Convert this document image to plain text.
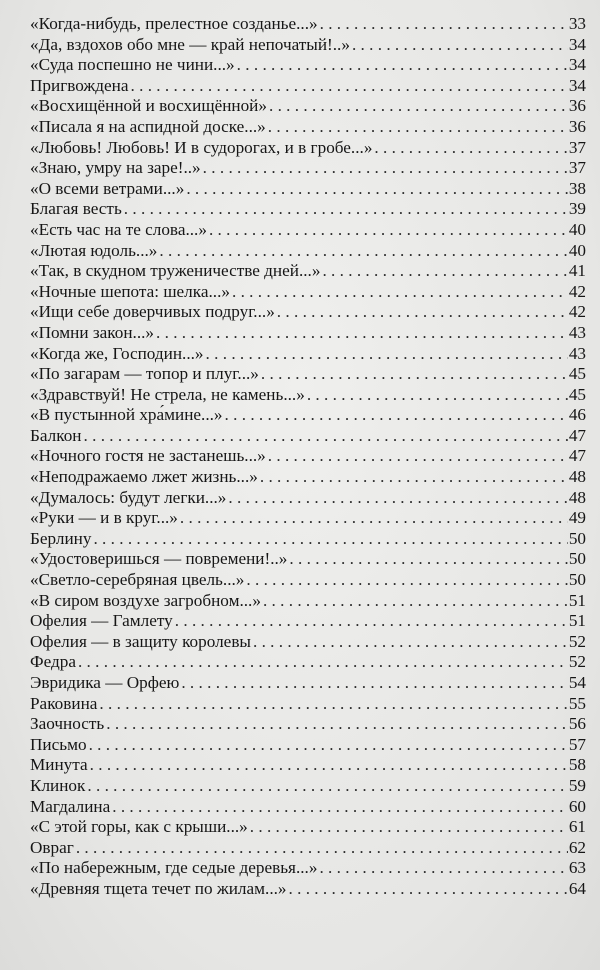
«Когда-нибудь, прелестное созданье...» . . .	33
«Да, вздохов обо мне — край непочатый!..» . . .	34
«Суда поспешно не чини...» . . .	34
Пригвождена . . .	34
«Восхищённой и восхищённой» . . .	36
«Писала я на аспидной доске...» . . .	36
«Любовь! Любовь! И в судорогах, и в гробе...» . . .	37
«Знаю, умру на заре!..» . . .	37
«О всеми ветрами...» . . .	38
Благая весть . . .	39
«Есть час на те слова...» . . .	40
«Лютая юдоль...» . . .	40
«Так, в скудном труженичестве дней...» . . .	41
«Ночные шепота: шелка...» . . .	42
«Ищи себе доверчивых подруг...» . . .	42
«Помни закон...» . . .	43
«Когда же, Господин...» . . .	43
«По загарам — топор и плуг...» . . .	45
«Здравствуй! Не стрела, не камень...» . . .	45
«В пустынной хра́мине...» . . .	46
Балкон . . .	47
«Ночного гостя не застанешь...» . . .	47
«Неподражаемо лжет жизнь...» . . .	48
«Думалось: будут легки...» . . .	48
«Руки — и в круг...» . . .	49
Берлину . . .	50
«Удостоверишься — повремени!..» . . .	50
«Светло-серебряная цвель...» . . .	50
«В сиром воздухе загробном...» . . .	51
Офелия — Гамлету . . .	51
Офелия — в защиту королевы . . .	52
Федра . . .	52
Эвридика — Орфею . . .	54
Раковина . . .	55
Заочность . . .	56
Письмо . . .	57
Минута . . .	58
Клинок . . .	59
Магдалина . . .	60
«С этой горы, как с крыши...» . . .	61
Овраг . . .	62
«По набережным, где седые деревья...» . . .	63
«Древняя тщета течет по жилам...» . . .	64
